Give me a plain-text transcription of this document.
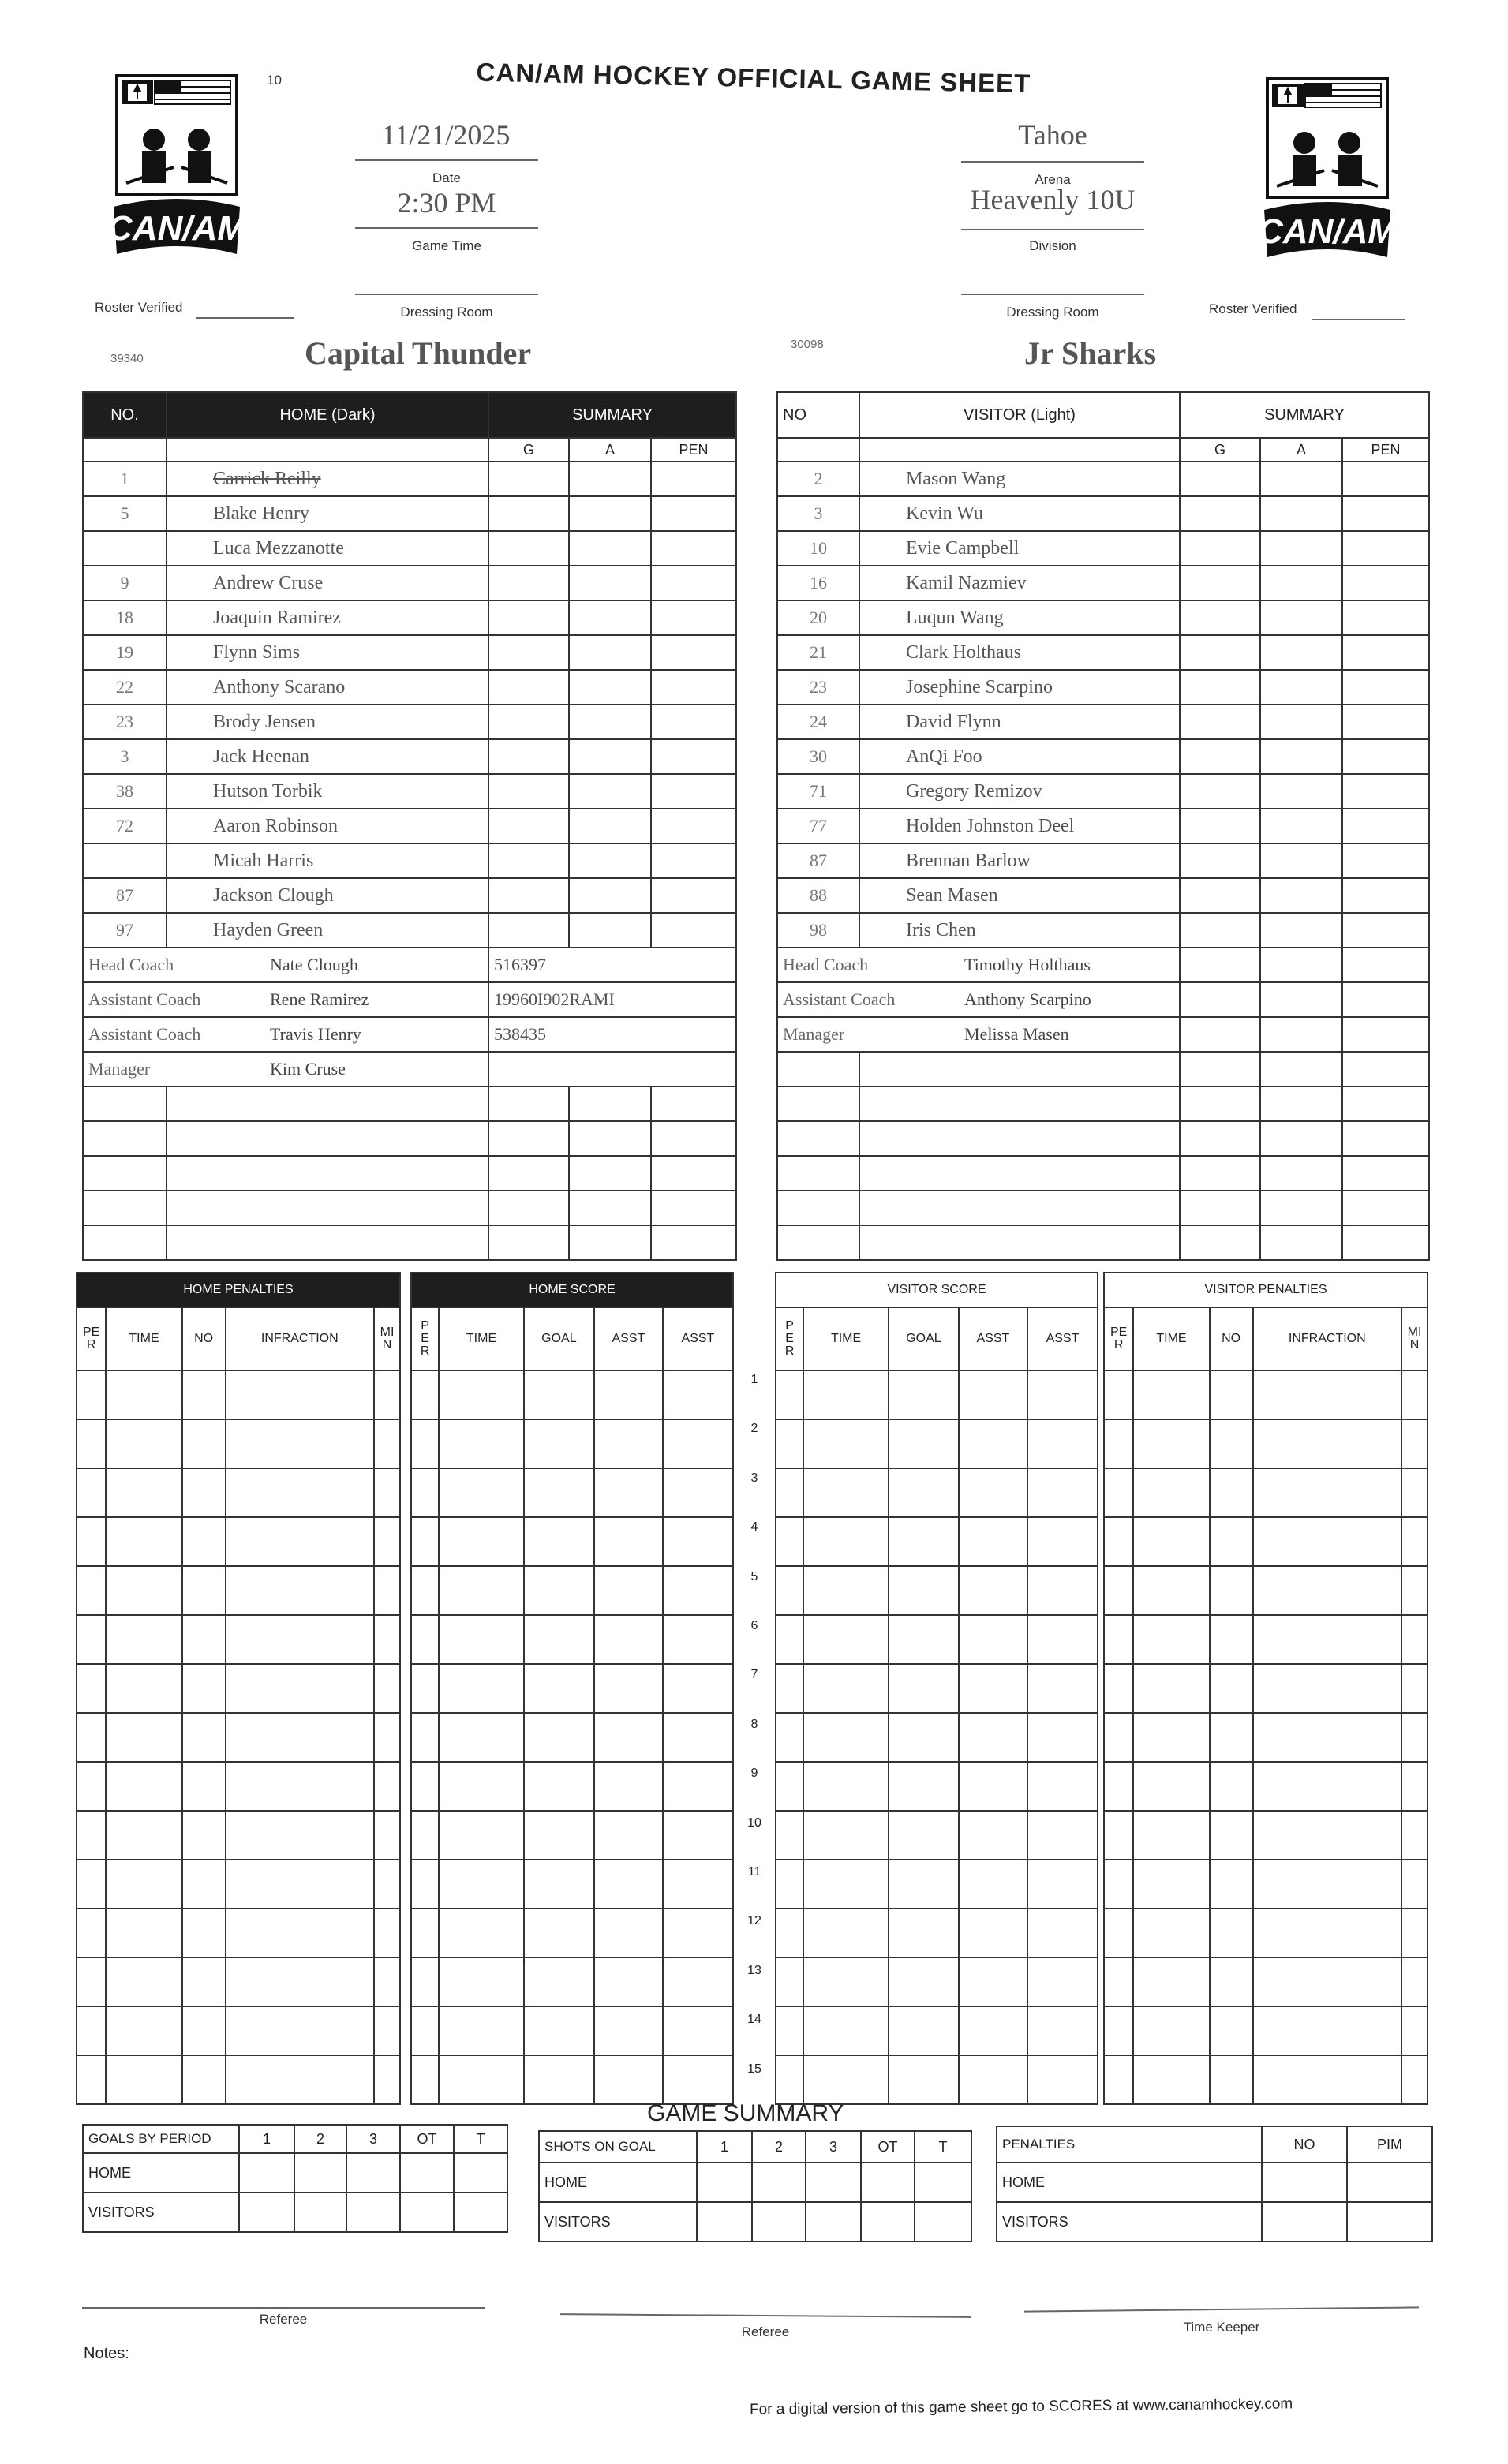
10
CAN/AM	CAN/AM
CAN/AM HOCKEY OFFICIAL GAME SHEET
11/21/2025
Date
2:30 PM
Game Time
Dressing Room
Tahoe
Arena
Heavenly 10U
Division
Dressing Room
Roster Verified	Roster Verified
39340	Capital Thunder	30098	Jr Sharks
NO.	HOME (Dark)	SUMMARY		
		G	A	PEN
1	Carrick Reilly			
5	Blake Henry			
	Luca Mezzanotte			
9	Andrew Cruse			
18	Joaquin Ramirez			
19	Flynn Sims			
22	Anthony Scarano			
23	Brody Jensen			
3	Jack Heenan			
38	Hutson Torbik			
72	Aaron Robinson			
	Micah Harris			
87	Jackson Clough			
97	Hayden Green			
Head Coach Nate Clough		516397		
Assistant Coach Rene Ramirez		19960I902RAMI		
Assistant Coach Travis Henry		538435		
Manager Kim Cruse				

NO	VISITOR (Light)	SUMMARY		
		G	A	PEN
2	Mason Wang			
3	Kevin Wu			
10	Evie Campbell			
16	Kamil Nazmiev			
20	Luqun Wang			
21	Clark Holthaus			
23	Josephine Scarpino			
24	David Flynn			
30	AnQi Foo			
71	Gregory Remizov			
77	Holden Johnston Deel			
87	Brennan Barlow			
88	Sean Masen			
98	Iris Chen			
Head Coach Timothy Holthaus				
Assistant Coach Anthony Scarpino				
Manager Melissa Masen				

HOME PENALTIES				
PER	TIME	NO	INFRACTION	MIN

HOME SCORE				
PER	TIME	GOAL	ASST	ASST

VISITOR SCORE				
PER	TIME	GOAL	ASST	ASST

VISITOR PENALTIES				
PER	TIME	NO	INFRACTION	MIN

1
2
3
4
5
6
7
8
9
10
11
12
13
14
15
GAME SUMMARY
GOALS BY PERIOD	1	2	3	OT	T
HOME					
VISITORS					
SHOTS ON GOAL	1	2	3	OT	T
HOME					
VISITORS					
PENALTIES	NO	PIM
HOME		
VISITORS		
Referee
Referee	Time Keeper
Notes:
For a digital version of this game sheet go to SCORES at www.canamhockey.com
